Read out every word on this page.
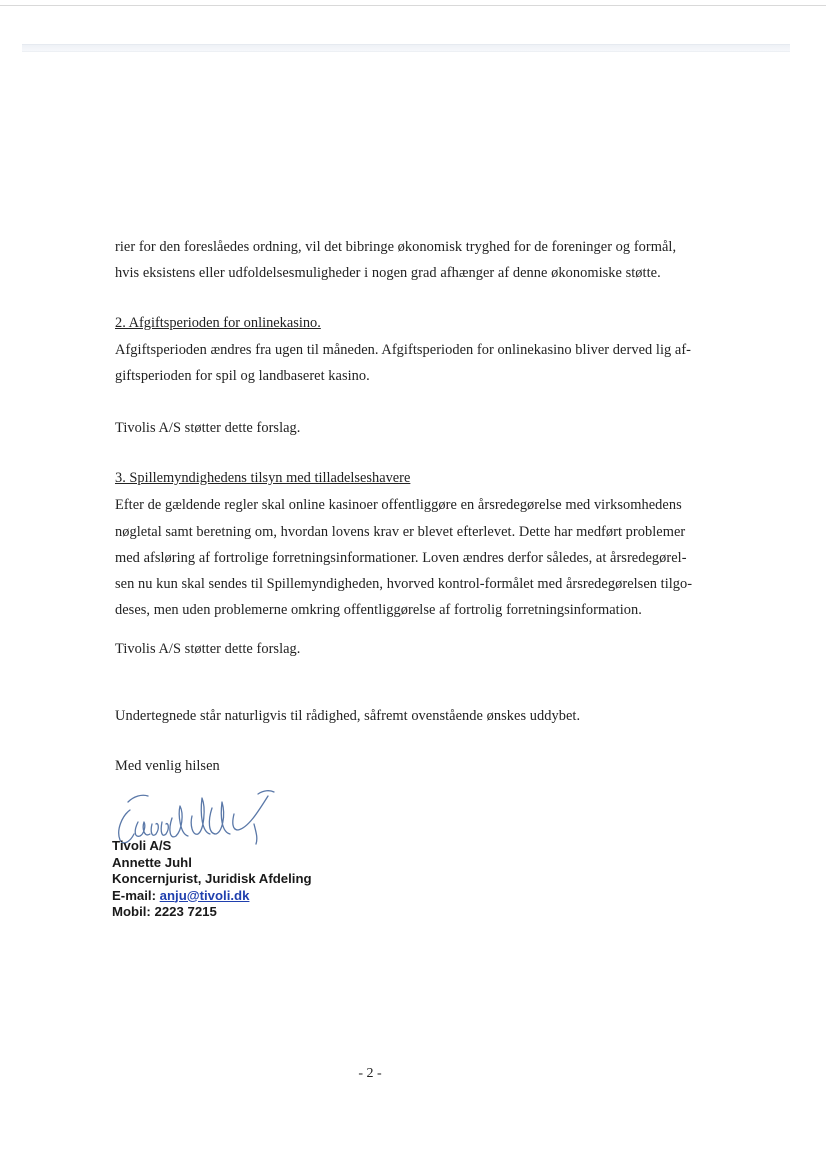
rier for den foreslåedes ordning, vil det bibringe økonomisk tryghed for de foreninger og formål,

hvis eksistens eller udfoldelsesmuligheder i nogen grad afhænger af denne økonomiske støtte.

2. Afgiftsperioden for onlinekasino.

Afgiftsperioden ændres fra ugen til måneden. Afgiftsperioden for onlinekasino bliver derved lig af-

giftsperioden for spil og landbaseret kasino.

Tivolis A/S støtter dette forslag.

3. Spillemyndighedens tilsyn med tilladelseshavere

Efter de gældende regler skal online kasinoer offentliggøre en årsredegørelse med virksomhedens

nøgletal samt beretning om, hvordan lovens krav er blevet efterlevet. Dette har medført problemer

med afsløring af fortrolige forretningsinformationer. Loven ændres derfor således, at årsredegørel-

sen nu kun skal sendes til Spillemyndigheden, hvorved kontrol-formålet med årsredegørelsen tilgo-

deses, men uden problemerne omkring offentliggørelse af fortrolig forretningsinformation.

Tivolis A/S støtter dette forslag.

Undertegnede står naturligvis til rådighed, såfremt ovenstående ønskes uddybet.

Med venlig hilsen

Tivoli A/S
Annette Juhl
Koncernjurist, Juridisk Afdeling
E-mail: anju@tivoli.dk
Mobil: 2223 7215
- 2 -
